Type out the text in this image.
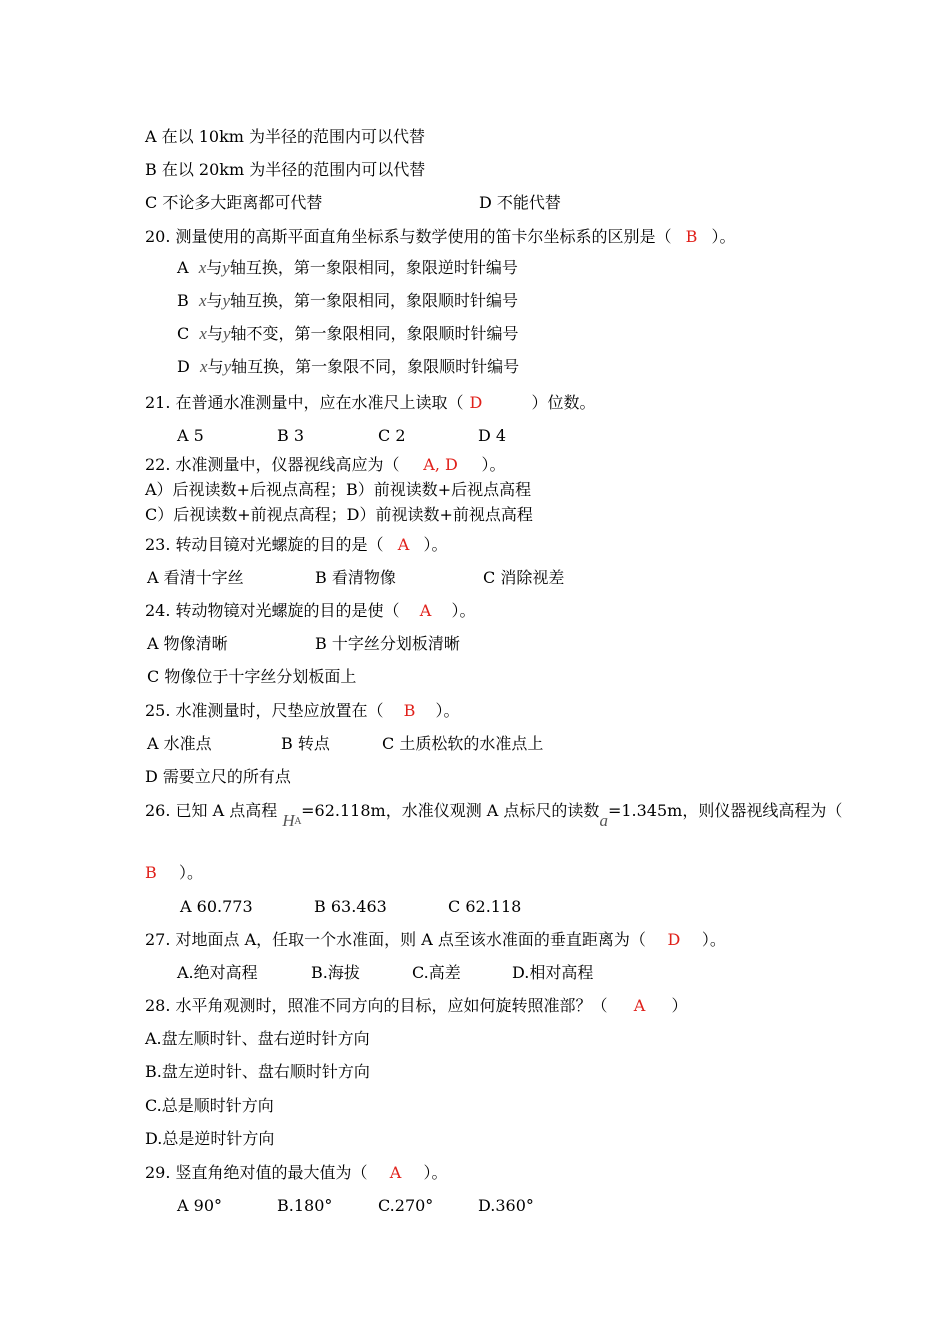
A 在以 10km 为半径的范围内可以代替
B 在以 20km 为半径的范围内可以代替
C 不论多大距离都可代替	D 不能代替
20. 测量使用的高斯平面直角坐标系与数学使用的笛卡尔坐标系的区别是（ B ）。
A x与y轴互换，第一象限相同，象限逆时针编号
B x与y轴互换，第一象限相同，象限顺时针编号
C x与y轴不变，第一象限相同，象限顺时针编号
D x与y轴互换，第一象限不同，象限顺时针编号
21. 在普通水准测量中，应在水准尺上读取（ D	）位数。
A 5	B 3	C 2	D 4
22. 水准测量中，仪器视线高应为（ A, D ）。
A）后视读数+后视点高程；B）前视读数+后视点高程
C）后视读数+前视点高程；D）前视读数+前视点高程
23. 转动目镜对光螺旋的目的是（ A ）。
A 看清十字丝	B 看清物像	C 消除视差
24. 转动物镜对光螺旋的目的是使（ A ）。
A 物像清晰	B 十字丝分划板清晰
C 物像位于十字丝分划板面上
25. 水准测量时，尺垫应放置在（ B ）。
A 水准点	B 转点	C 土质松软的水准点上
D 需要立尺的所有点
26. 已知 A 点高程 $H_A=62.118m$，水准仪观测 A 点标尺的读数a=1.345m，则仪器视线高程为（
B ）。
A 60.773	B 63.463	C 62.118
27. 对地面点 A，任取一个水准面，则 A 点至该水准面的垂直距离为（ D ）。
A.绝对高程	B.海拔	C.高差	D.相对高程
28. 水平角观测时，照准不同方向的目标，应如何旋转照准部？（ A ）
A.盘左顺时针、盘右逆时针方向
B.盘左逆时针、盘右顺时针方向
C.总是顺时针方向
D.总是逆时针方向
29. 竖直角绝对值的最大值为（ A ）。
A 90°	B.180°	C.270°	D.360°
